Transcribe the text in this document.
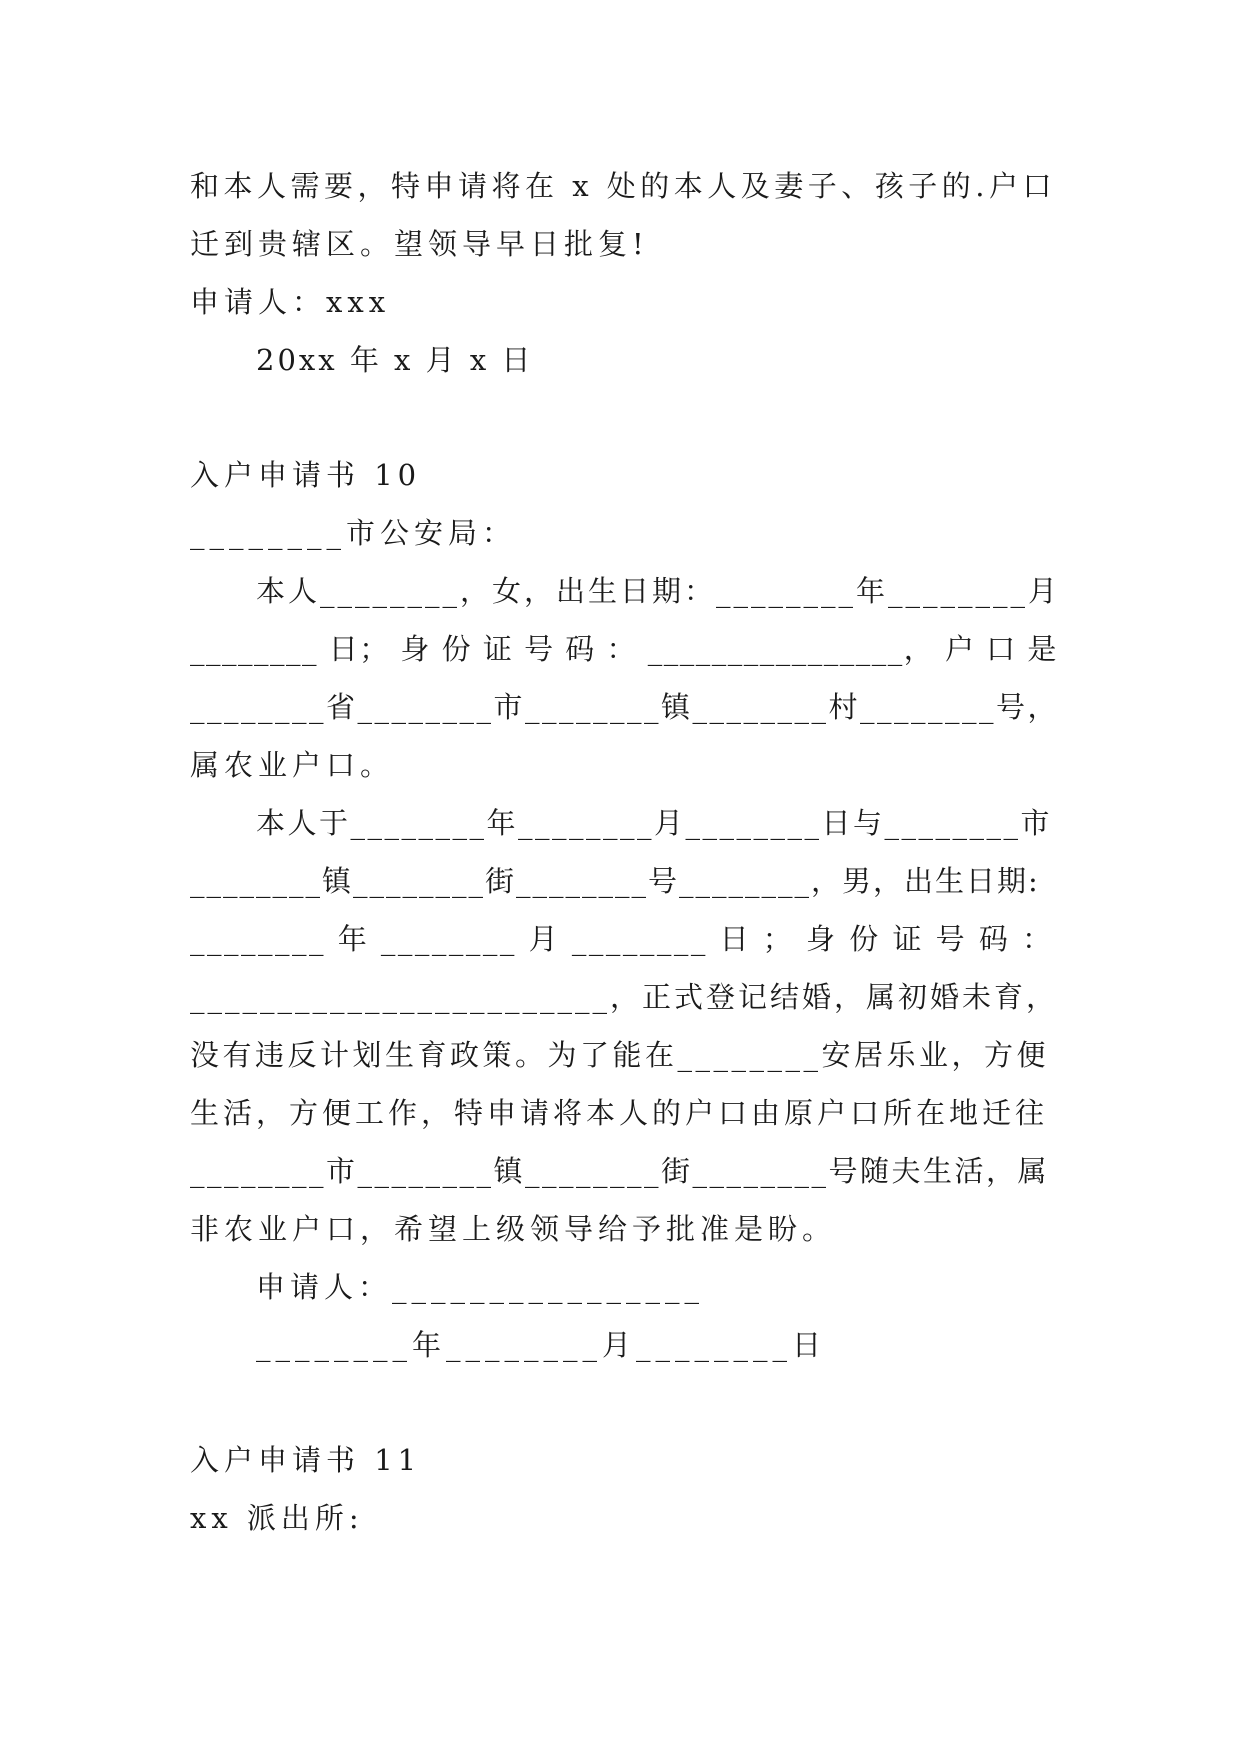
和本人需要，特申请将在 x 处的本人及妻子、孩子的.户口
迁到贵辖区。望领导早日批复!
申请人：xxx
20xx 年 x 月 x 日
入户申请书 10
________市公安局：
本人________，女，出生日期：________年________月
________ 日； 身 份 证 号 码 ： ________________， 户 口 是
________省________市________镇________村________号，
属农业户口。
本人于________年________月________日与________市
________镇________街________号________，男，出生日期:
________ 年 ________ 月 ________ 日 ； 身 份 证 号 码 ：
________________________，正式登记结婚，属初婚未育，
没有违反计划生育政策。为了能在________安居乐业，方便
生活，方便工作，特申请将本人的户口由原户口所在地迁往
________市________镇________街________号随夫生活，属
非农业户口，希望上级领导给予批准是盼。
申请人：________________
________年________月________日
入户申请书 11
xx 派出所:
